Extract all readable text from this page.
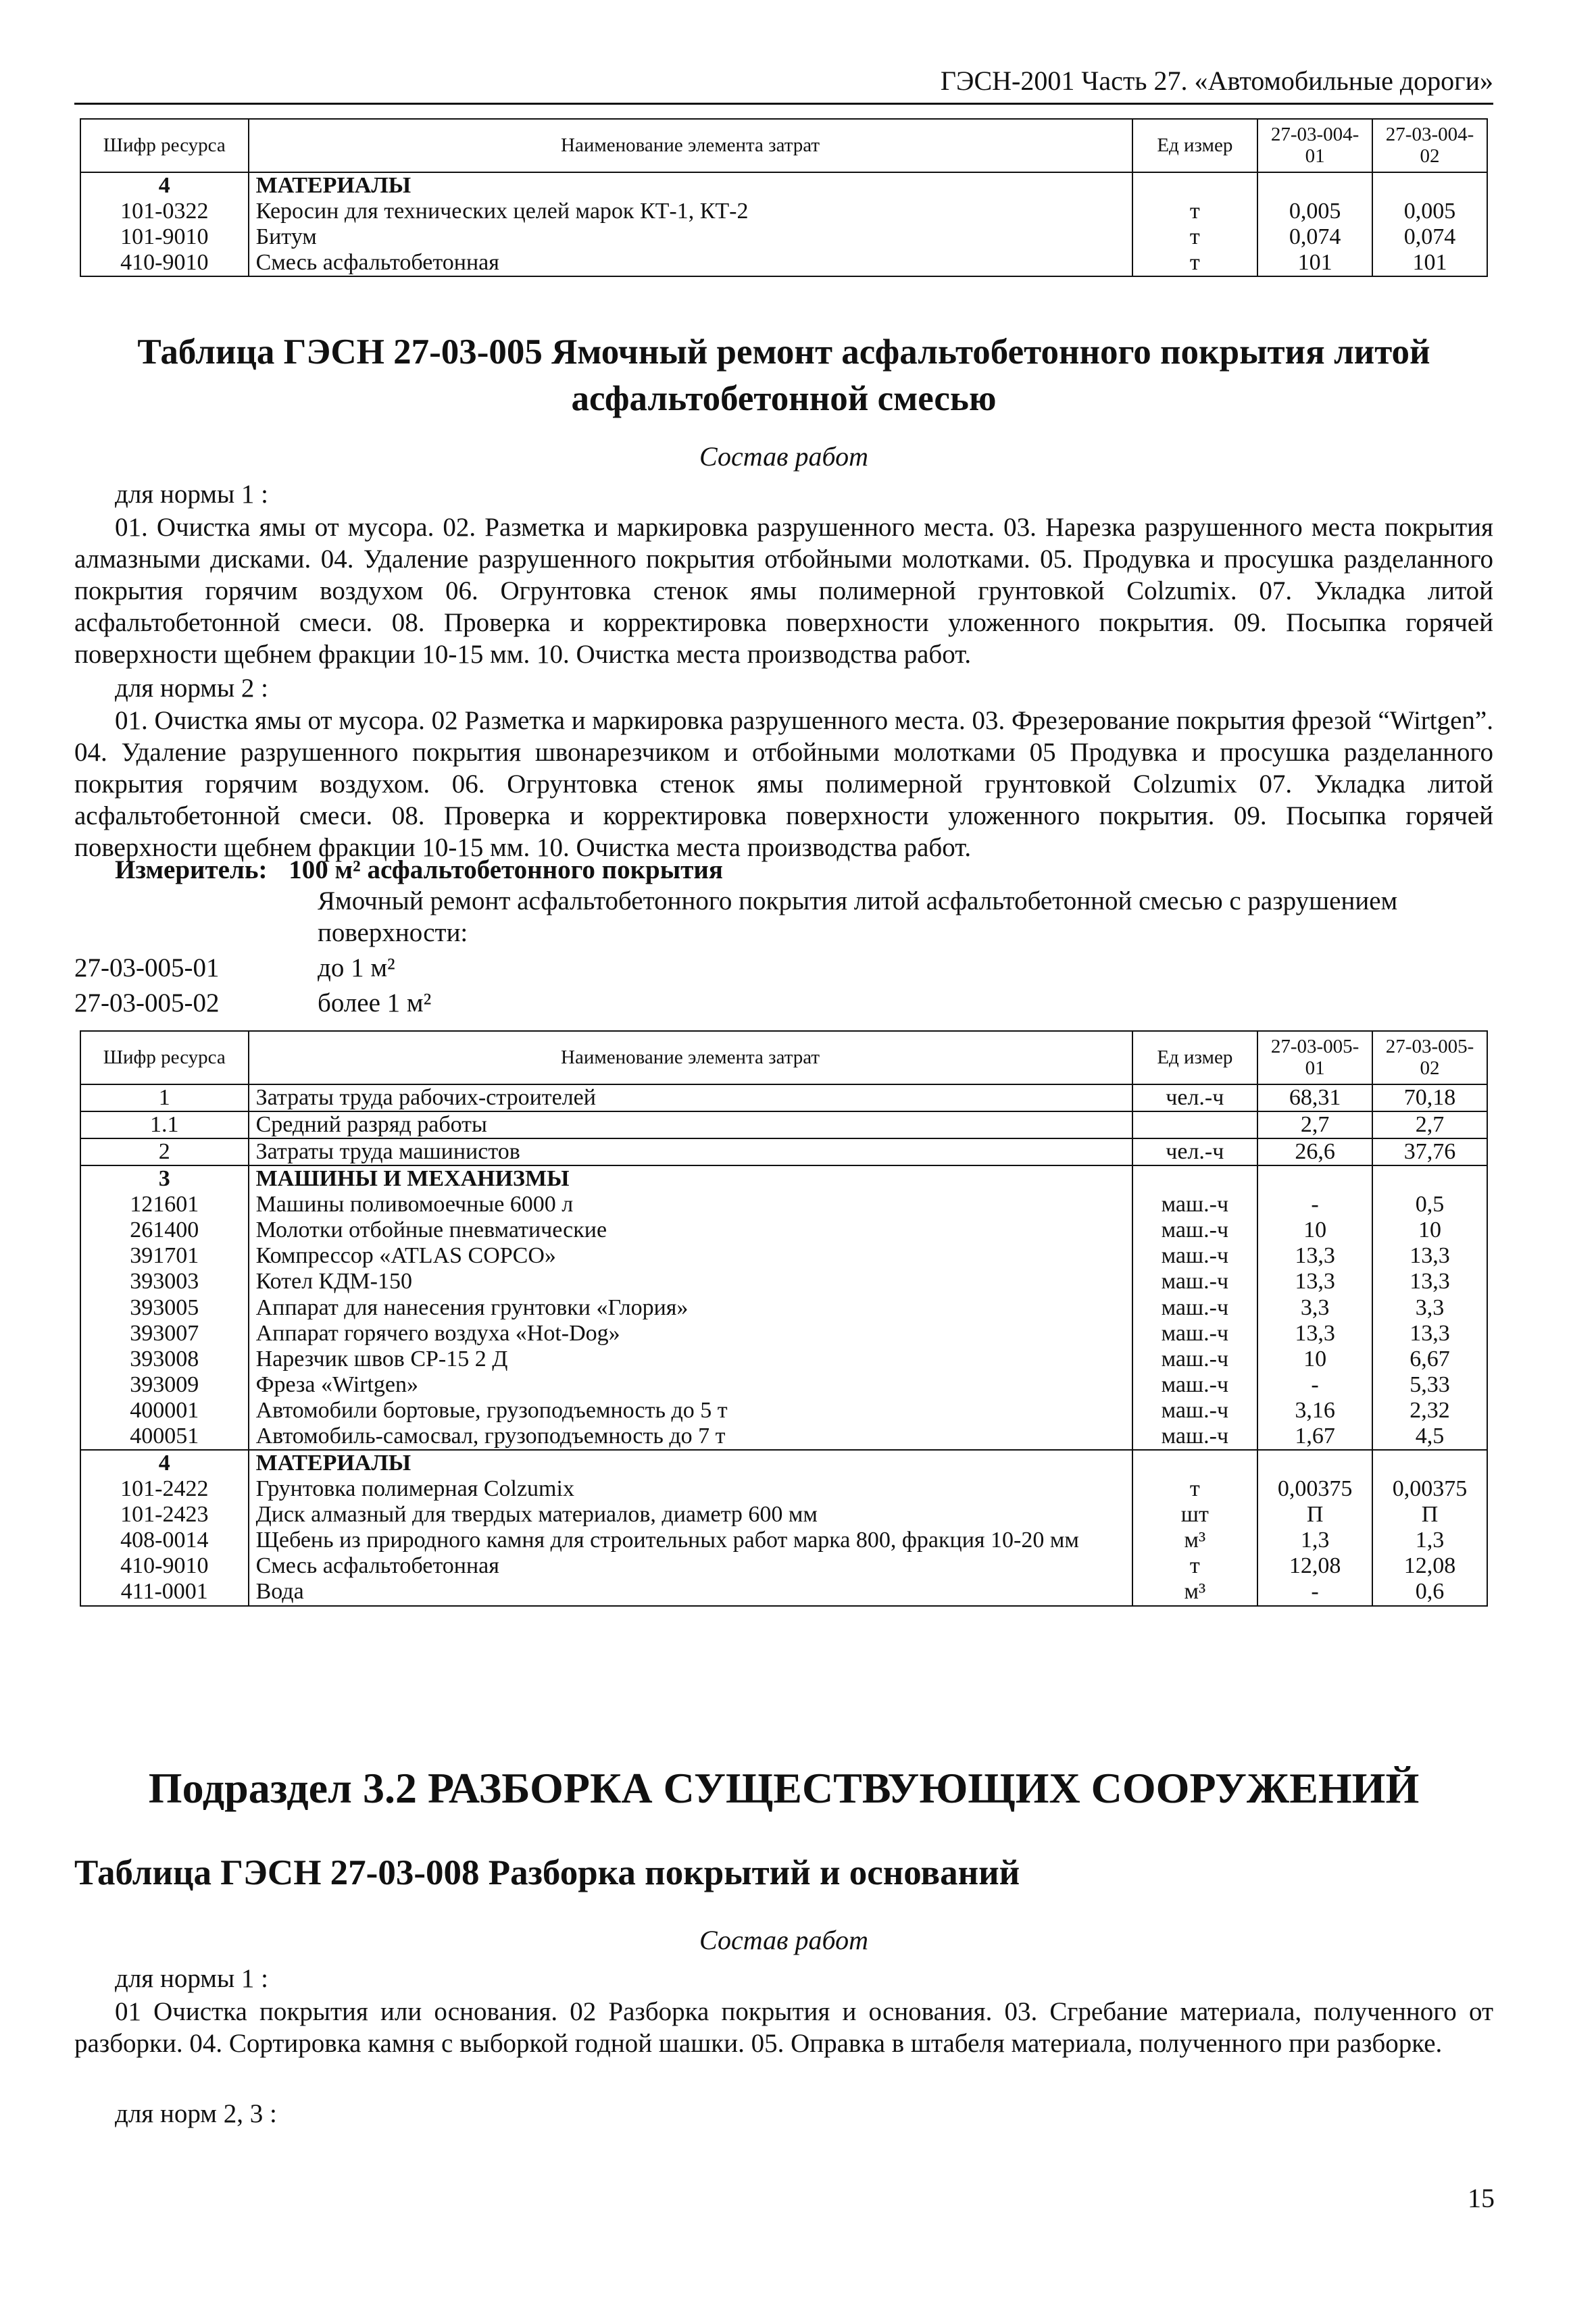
ГЭСН-2001 Часть 27. «Автомобильные дороги»
Шифр ресурса	Наименование элемента затрат	Ед измер	27-03-004-01	27-03-004-02
4	МАТЕРИАЛЫ			
101-0322	Керосин для технических целей марок КТ-1, КТ-2	т	0,005	0,005
101-9010	Битум	т	0,074	0,074
410-9010	Смесь асфальтобетонная	т	101	101
Таблица ГЭСН 27-03-005 Ямочный ремонт асфальтобетонного покрытия литой асфальтобетонной смесью
Состав работ
для нормы 1 :
01. Очистка ямы от мусора. 02. Разметка и маркировка разрушенного места. 03. Нарезка разрушенного места покрытия алмазными дисками. 04. Удаление разрушенного покрытия отбойными молотками. 05. Продувка и просушка разделанного покрытия горячим воздухом 06. Огрунтовка стенок ямы полимерной грунтовкой Colzumix. 07. Укладка литой асфальтобетонной смеси. 08. Проверка и корректировка поверхности уложенного покрытия. 09. Посыпка горячей поверхности щебнем фракции 10-15 мм. 10. Очистка места производства работ.
для нормы 2 :
01. Очистка ямы от мусора. 02 Разметка и маркировка разрушенного места. 03. Фрезерование покрытия фрезой “Wirtgen”. 04. Удаление разрушенного покрытия швонарезчиком и отбойными молотками 05 Продувка и просушка разделанного покрытия горячим воздухом. 06. Огрунтовка стенок ямы полимерной грунтовкой Colzumix 07. Укладка литой асфальтобетонной смеси. 08. Проверка и корректировка поверхности уложенного покрытия. 09. Посыпка горячей поверхности щебнем фракции 10-15 мм. 10. Очистка места производства работ.
Измеритель: 100 м² асфальтобетонного покрытия
Ямочный ремонт асфальтобетонного покрытия литой асфальтобетонной смесью с разрушением поверхности:
27-03-005-01	до 1 м²
27-03-005-02	более 1 м²
Шифр ресурса	Наименование элемента затрат	Ед измер	27-03-005-01	27-03-005-02
1	Затраты труда рабочих-строителей	чел.-ч	68,31	70,18
1.1	Средний разряд работы		2,7	2,7
2	Затраты труда машинистов	чел.-ч	26,6	37,76
3	МАШИНЫ И МЕХАНИЗМЫ			
121601	Машины поливомоечные 6000 л	маш.-ч	-	0,5
261400	Молотки отбойные пневматические	маш.-ч	10	10
391701	Компрессор «ATLAS COPCO»	маш.-ч	13,3	13,3
393003	Котел КДМ-150	маш.-ч	13,3	13,3
393005	Аппарат для нанесения грунтовки «Глория»	маш.-ч	3,3	3,3
393007	Аппарат горячего воздуха «Hot-Dog»	маш.-ч	13,3	13,3
393008	Нарезчик швов СР-15 2 Д	маш.-ч	10	6,67
393009	Фреза «Wirtgen»	маш.-ч	-	5,33
400001	Автомобили бортовые, грузоподъемность до 5 т	маш.-ч	3,16	2,32
400051	Автомобиль-самосвал, грузоподъемность до 7 т	маш.-ч	1,67	4,5
4	МАТЕРИАЛЫ			
101-2422	Грунтовка полимерная Colzumix	т	0,00375	0,00375
101-2423	Диск алмазный для твердых материалов, диаметр 600 мм	шт	П	П
408-0014	Щебень из природного камня для строительных работ марка 800, фракция 10-20 мм	м³	1,3	1,3
410-9010	Смесь асфальтобетонная	т	12,08	12,08
411-0001	Вода	м³	-	0,6
Подраздел 3.2 РАЗБОРКА СУЩЕСТВУЮЩИХ СООРУЖЕНИЙ
Таблица ГЭСН 27-03-008 Разборка покрытий и оснований
Состав работ
для нормы 1 :
01 Очистка покрытия или основания. 02 Разборка покрытия и основания. 03. Сгребание материала, полученного от разборки. 04. Сортировка камня с выборкой годной шашки. 05. Оправка в штабеля материала, полученного при разборке.
для норм 2, 3 :
15
